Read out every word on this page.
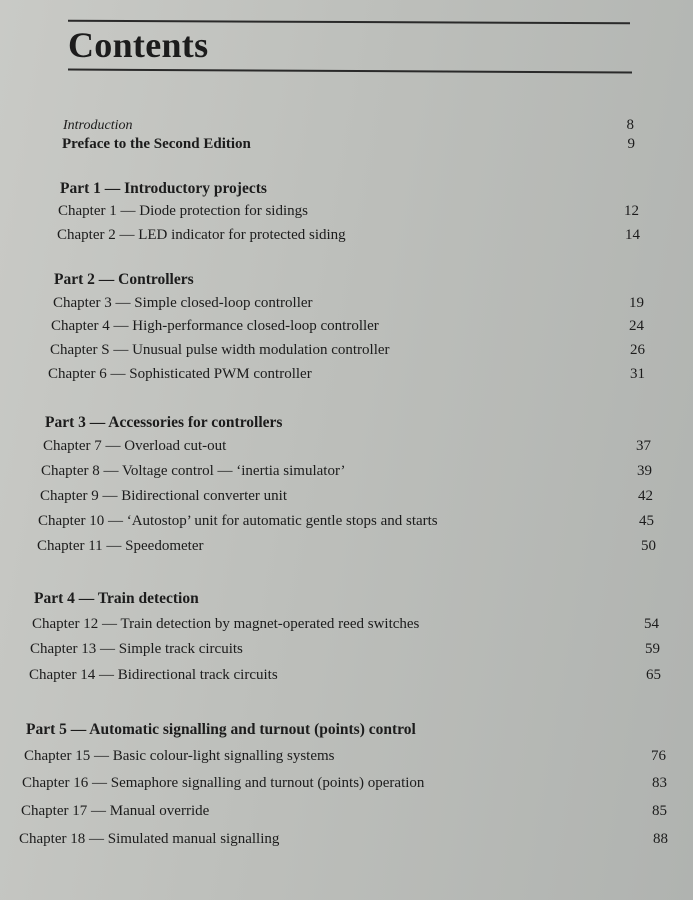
Contents
Introduction	8
Preface to the Second Edition	9
Part 1 — Introductory projects
Chapter 1 — Diode protection for sidings	12
Chapter 2 — LED indicator for protected siding	14
Part 2 — Controllers
Chapter 3 — Simple closed-loop controller	19
Chapter 4 — High-performance closed-loop controller	24
Chapter S — Unusual pulse width modulation controller	26
Chapter 6 — Sophisticated PWM controller	31
Part 3 — Accessories for controllers
Chapter 7 — Overload cut-out	37
Chapter 8 — Voltage control — ‘inertia simulator’	39
Chapter 9 — Bidirectional converter unit	42
Chapter 10 — ‘Autostop’ unit for automatic gentle stops and starts	45
Chapter 11 — Speedometer	50
Part 4 — Train detection
Chapter 12 — Train detection by magnet-operated reed switches	54
Chapter 13 — Simple track circuits	59
Chapter 14 — Bidirectional track circuits	65
Part 5 — Automatic signalling and turnout (points) control
Chapter 15 — Basic colour-light signalling systems	76
Chapter 16 — Semaphore signalling and turnout (points) operation	83
Chapter 17 — Manual override	85
Chapter 18 — Simulated manual signalling	88
